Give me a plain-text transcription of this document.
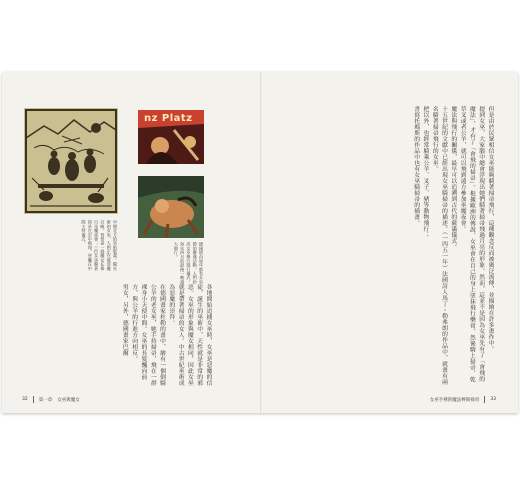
nz Platz
早期北方的巫術版畫。騎巫術的女巫、人們正在被惡魔召喚，背景是一群魔女在舉行巫魔夜會；三位女巫騎著掃帚在空中飛翔，惡魔在中間主持儀式。
德國境內每年都有女巫節的慶典活動，人們扮成女巫舉行遊行儀式，每年四月的最後一晚盛大舉行。
各地開始追捕女巫時，女巫是惡魔的信徒，誕生的巫術中，天性就是非常的邪惡。女巫的形象與魔女相同，因此女巫就是帶著掃帚的女人。中古世紀巫術成為惡魔的崇拜。
在德國畫家杜勒的畫中，繪有一個倒騎公羊的老女巫，她手持掃帚，飛在一群裸身小天使中間。女巫的長髮飄向前方，與公羊的行進方向相反。
男女，另外，德國畫家巴爾
32 第一章 女巫與魔女
但是由於民眾相信女巫能夠騎著掃帚飛行，這種觀念反而被廣泛流傳，並描繪在許多畫作中。
提到女巫，大家腦中總會浮現出她們騎著掃帚飛過月亮的形象。然而，這並不是因為女巫先有了「會飛的魔法」，才有了「會飛的掃帚」。根據歐洲的傳說，女巫會在自己的身上塗抹飛行藥膏，然後騎上掃帚、乾草叉或者公羊，就可以飛到遠方參加巫魔夜會。
魔法與飛行的關係，最早可以追溯到古代的薩滿儀式。
十五世紀的文獻中已經出現女巫騎掃帚的描述。（一四五一年）法國詩人馬丁・勒弗朗的作品中，就畫有兩名騎著掃帚飛行的女巫。
把以外，也經常騎乘公羊、叉子、豬等動物飛行；
書寫托瑪斯的作品中也有女巫騎掃帚的插畫。
女巫手裡的魔法棒與掃帚 33
